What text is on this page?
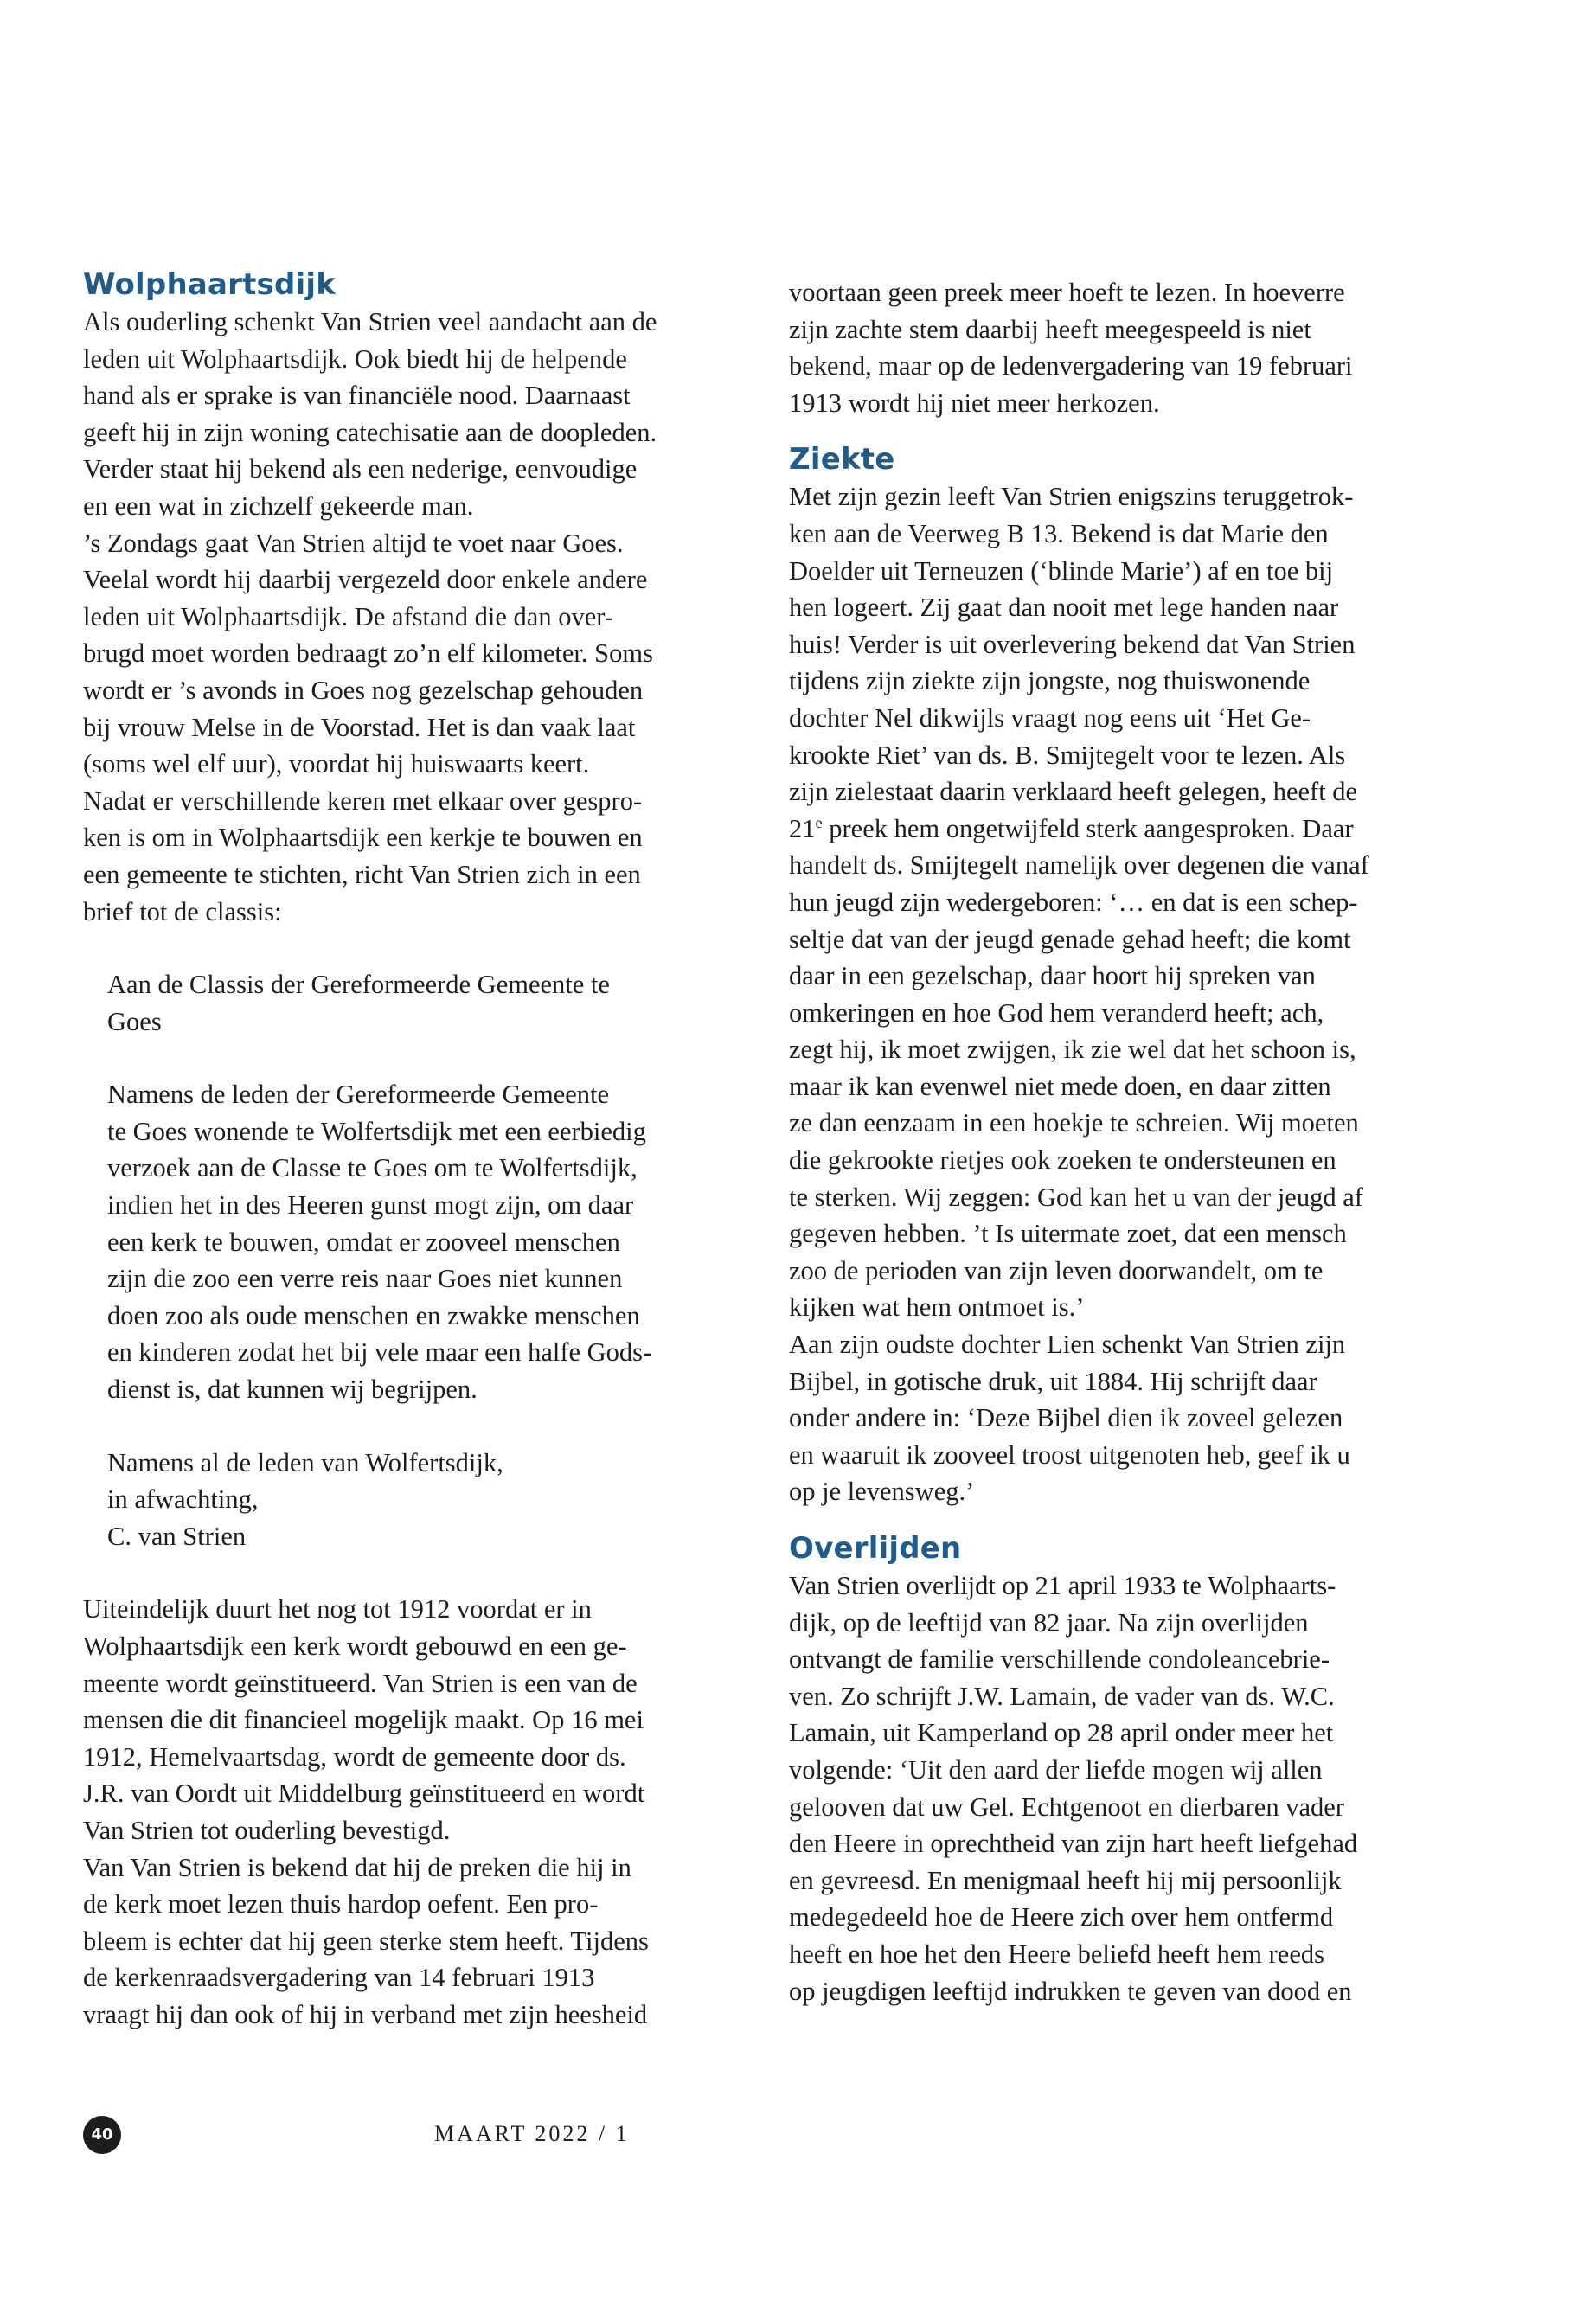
Wolphaartsdijk
Als ouderling schenkt Van Strien veel aandacht aan de
leden uit Wolphaartsdijk. Ook biedt hij de helpende
hand als er sprake is van financiële nood. Daarnaast
geeft hij in zijn woning catechisatie aan de doopleden.
Verder staat hij bekend als een nederige, eenvoudige
en een wat in zichzelf gekeerde man.
’s Zondags gaat Van Strien altijd te voet naar Goes.
Veelal wordt hij daarbij vergezeld door enkele andere
leden uit Wolphaartsdijk. De afstand die dan over-
brugd moet worden bedraagt zo’n elf kilometer. Soms
wordt er ’s avonds in Goes nog gezelschap gehouden
bij vrouw Melse in de Voorstad. Het is dan vaak laat
(soms wel elf uur), voordat hij huiswaarts keert.
Nadat er verschillende keren met elkaar over gespro-
ken is om in Wolphaartsdijk een kerkje te bouwen en
een gemeente te stichten, richt Van Strien zich in een
brief tot de classis:
Aan de Classis der Gereformeerde Gemeente te
Goes
Namens de leden der Gereformeerde Gemeente
te Goes wonende te Wolfertsdijk met een eerbiedig
verzoek aan de Classe te Goes om te Wolfertsdijk,
indien het in des Heeren gunst mogt zijn, om daar
een kerk te bouwen, omdat er zooveel menschen
zijn die zoo een verre reis naar Goes niet kunnen
doen zoo als oude menschen en zwakke menschen
en kinderen zodat het bij vele maar een halfe Gods-
dienst is, dat kunnen wij begrijpen.
Namens al de leden van Wolfertsdijk,
in afwachting,
C. van Strien
Uiteindelijk duurt het nog tot 1912 voordat er in
Wolphaartsdijk een kerk wordt gebouwd en een ge-
meente wordt geïnstitueerd. Van Strien is een van de
mensen die dit financieel mogelijk maakt. Op 16 mei
1912, Hemelvaartsdag, wordt de gemeente door ds.
J.R. van Oordt uit Middelburg geïnstitueerd en wordt
Van Strien tot ouderling bevestigd.
Van Van Strien is bekend dat hij de preken die hij in
de kerk moet lezen thuis hardop oefent. Een pro-
bleem is echter dat hij geen sterke stem heeft. Tijdens
de kerkenraadsvergadering van 14 februari 1913
vraagt hij dan ook of hij in verband met zijn heesheid
voortaan geen preek meer hoeft te lezen. In hoeverre
zijn zachte stem daarbij heeft meegespeeld is niet
bekend, maar op de ledenvergadering van 19 februari
1913 wordt hij niet meer herkozen.
Ziekte
Met zijn gezin leeft Van Strien enigszins teruggetrok-
ken aan de Veerweg B 13. Bekend is dat Marie den
Doelder uit Terneuzen (‘blinde Marie’) af en toe bij
hen logeert. Zij gaat dan nooit met lege handen naar
huis! Verder is uit overlevering bekend dat Van Strien
tijdens zijn ziekte zijn jongste, nog thuiswonende
dochter Nel dikwijls vraagt nog eens uit ‘Het Ge-
krookte Riet’ van ds. B. Smijtegelt voor te lezen. Als
zijn zielestaat daarin verklaard heeft gelegen, heeft de
21e preek hem ongetwijfeld sterk aangesproken. Daar
handelt ds. Smijtegelt namelijk over degenen die vanaf
hun jeugd zijn wedergeboren: ‘… en dat is een schep-
seltje dat van der jeugd genade gehad heeft; die komt
daar in een gezelschap, daar hoort hij spreken van
omkeringen en hoe God hem veranderd heeft; ach,
zegt hij, ik moet zwijgen, ik zie wel dat het schoon is,
maar ik kan evenwel niet mede doen, en daar zitten
ze dan eenzaam in een hoekje te schreien. Wij moeten
die gekrookte rietjes ook zoeken te ondersteunen en
te sterken. Wij zeggen: God kan het u van der jeugd af
gegeven hebben. ’t Is uitermate zoet, dat een mensch
zoo de perioden van zijn leven doorwandelt, om te
kijken wat hem ontmoet is.’
Aan zijn oudste dochter Lien schenkt Van Strien zijn
Bijbel, in gotische druk, uit 1884. Hij schrijft daar
onder andere in: ‘Deze Bijbel dien ik zoveel gelezen
en waaruit ik zooveel troost uitgenoten heb, geef ik u
op je levensweg.’
Overlijden
Van Strien overlijdt op 21 april 1933 te Wolphaarts-
dijk, op de leeftijd van 82 jaar. Na zijn overlijden
ontvangt de familie verschillende condoleancebrie-
ven. Zo schrijft J.W. Lamain, de vader van ds. W.C.
Lamain, uit Kamperland op 28 april onder meer het
volgende: ‘Uit den aard der liefde mogen wij allen
gelooven dat uw Gel. Echtgenoot en dierbaren vader
den Heere in oprechtheid van zijn hart heeft liefgehad
en gevreesd. En menigmaal heeft hij mij persoonlijk
medegedeeld hoe de Heere zich over hem ontfermd
heeft en hoe het den Heere beliefd heeft hem reeds
op jeugdigen leeftijd indrukken te geven van dood en
40	MAART 2022 / 1
